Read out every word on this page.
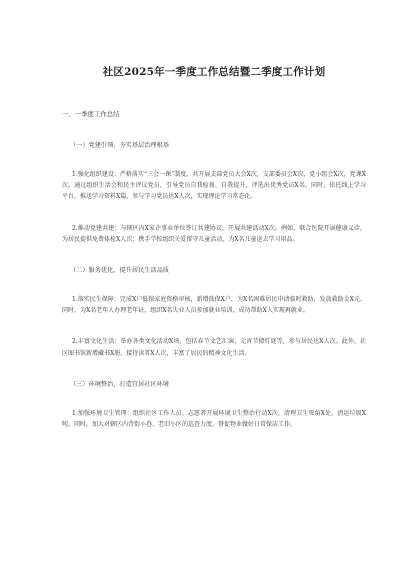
社区2025年一季度工作总结暨二季度工作计划
一、一季度工作总结
（一）党建引领，夯实基层治理根基

1.强化组织建设：严格落实“三会一课”制度，共开展支部党员大会X次，支部委员会X次，党小组会X次，党课X次。通过组织生活会和民主评议党员，引导党员自我检视、自我提升，评选出优秀党员X名。同时，依托线上学习平台，推送学习资料X篇，参与学习党员达X人次，实现理论学习常态化。

2.推动党建共建：与辖区内X家企事业单位签订共建协议，开展共建活动X次。例如，联合医院开展健康义诊，为居民提供免费体检X人次；携手学校组织关爱留守儿童活动，为X名儿童送去学习用品。

（二）服务优化，提升居民生活品质

1.落实民生保障：完成X户低保家庭资格审核，新增低保X户，为X名困难居民申请临时救助，发放救助金X元。同时，为X名老年人办理老年证，组织X名失业人员参加就业培训，成功帮助X人实现再就业。

2.丰富文化生活：举办各类文化活动X场，包括春节文艺汇演、元宵节猜灯谜等，参与居民达X人次。此外，社区图书馆新增藏书X册，接待读者X人次，丰富了居民的精神文化生活。

（三）环境整治，打造宜居社区环境

1.加强环境卫生管理：组织社区工作人员、志愿者开展环境卫生整治行动X次，清理卫生死角X处，清运垃圾X吨。同时，加大对辖区内背街小巷、老旧小区的巡查力度，督促物业做好日常保洁工作。
